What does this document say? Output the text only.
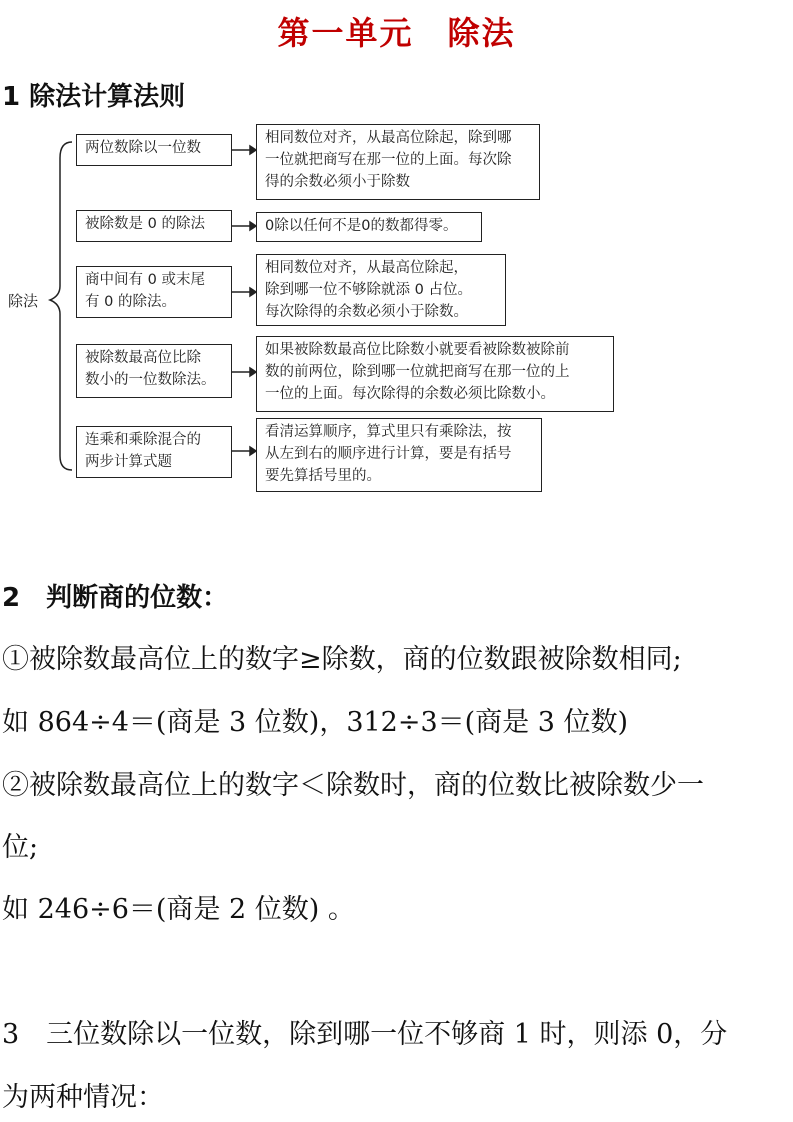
第一单元　除法
1 除法计算法则
除法
两位数除以一位数
被除数是 0 的除法
商中间有 0 或末尾
有 0 的除法。
被除数最高位比除
数小的一位数除法。
连乘和乘除混合的
两步计算式题
相同数位对齐，从最高位除起，除到哪
一位就把商写在那一位的上面。每次除
得的余数必须小于除数
0除以任何不是0的数都得零。
相同数位对齐，从最高位除起，
除到哪一位不够除就添 0 占位。
每次除得的余数必须小于除数。
如果被除数最高位比除数小就要看被除数被除前
数的前两位，除到哪一位就把商写在那一位的上
一位的上面。每次除得的余数必须比除数小。
看清运算顺序，算式里只有乘除法，按
从左到右的顺序进行计算，要是有括号
要先算括号里的。
2　判断商的位数：
①被除数最高位上的数字≥除数，商的位数跟被除数相同;
如 864÷4＝(商是 3 位数)，312÷3＝(商是 3 位数)
②被除数最高位上的数字＜除数时，商的位数比被除数少一
位;
如 246÷6＝(商是 2 位数) 。
3　三位数除以一位数，除到哪一位不够商 1 时，则添 0，分
为两种情况：
